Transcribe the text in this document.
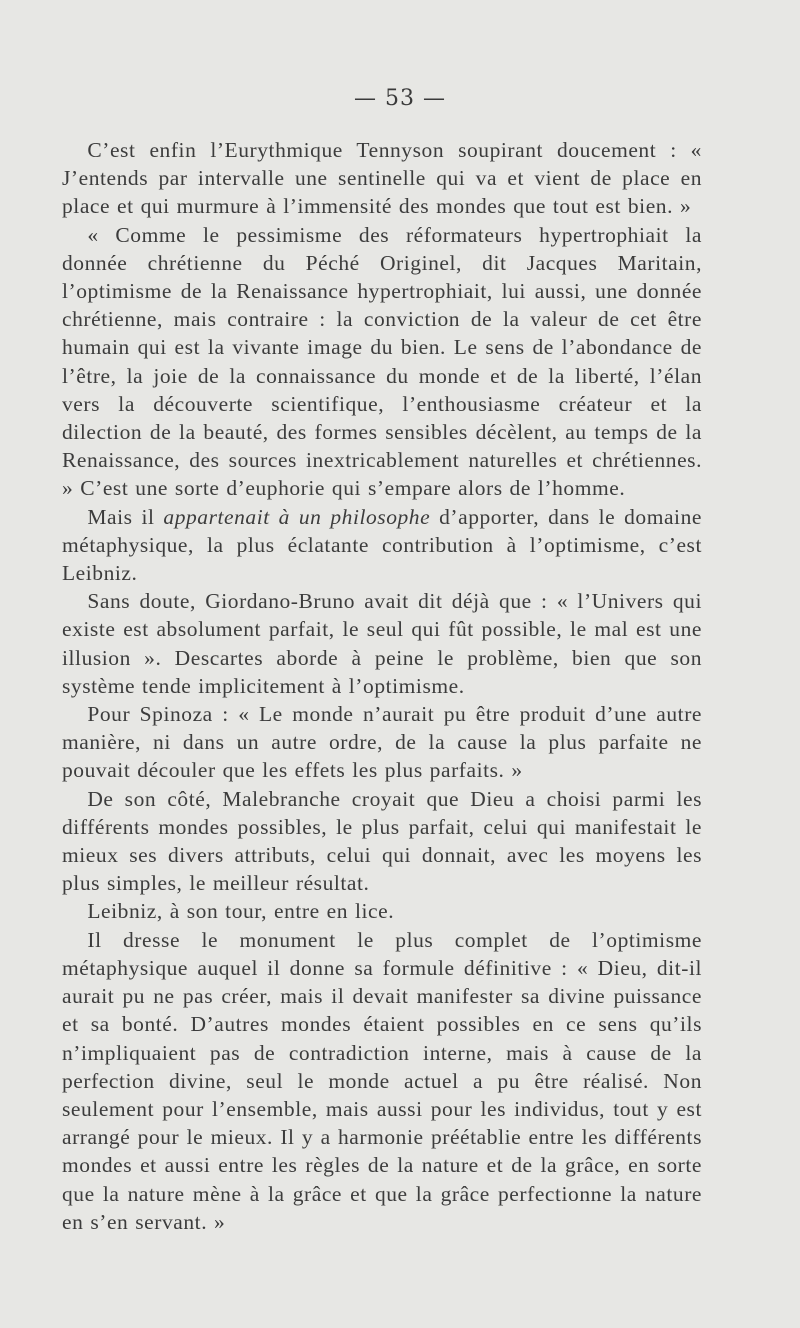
— 53 —

C’est enfin l’Eurythmique Tennyson soupirant doucement : « J’entends par intervalle une sentinelle qui va et vient de place en place et qui murmure à l’immensité des mondes que tout est bien. »

« Comme le pessimisme des réformateurs hypertrophiait la donnée chrétienne du Péché Originel, dit Jacques Maritain, l’optimisme de la Renaissance hypertrophiait, lui aussi, une donnée chrétienne, mais contraire : la conviction de la valeur de cet être humain qui est la vivante image du bien. Le sens de l’abondance de l’être, la joie de la connaissance du monde et de la liberté, l’élan vers la découverte scientifique, l’enthousiasme créateur et la dilection de la beauté, des formes sensibles décèlent, au temps de la Renaissance, des sources inextricablement naturelles et chrétiennes. » C’est une sorte d’euphorie qui s’empare alors de l’homme.

Mais il appartenait à un philosophe d’apporter, dans le domaine métaphysique, la plus éclatante contribution à l’optimisme, c’est Leibniz.

Sans doute, Giordano-Bruno avait dit déjà que : « l’Univers qui existe est absolument parfait, le seul qui fût possible, le mal est une illusion ». Descartes aborde à peine le problème, bien que son système tende implicitement à l’optimisme.

Pour Spinoza : « Le monde n’aurait pu être produit d’une autre manière, ni dans un autre ordre, de la cause la plus parfaite ne pouvait découler que les effets les plus parfaits. »

De son côté, Malebranche croyait que Dieu a choisi parmi les différents mondes possibles, le plus parfait, celui qui manifestait le mieux ses divers attributs, celui qui donnait, avec les moyens les plus simples, le meilleur résultat.

Leibniz, à son tour, entre en lice.

Il dresse le monument le plus complet de l’optimisme métaphysique auquel il donne sa formule définitive : « Dieu, dit-il aurait pu ne pas créer, mais il devait manifester sa divine puissance et sa bonté. D’autres mondes étaient possibles en ce sens qu’ils n’impliquaient pas de contradiction interne, mais à cause de la perfection divine, seul le monde actuel a pu être réalisé. Non seulement pour l’ensemble, mais aussi pour les individus, tout y est arrangé pour le mieux. Il y a harmonie préétablie entre les différents mondes et aussi entre les règles de la nature et de la grâce, en sorte que la nature mène à la grâce et que la grâce perfectionne la nature en s’en servant. »
